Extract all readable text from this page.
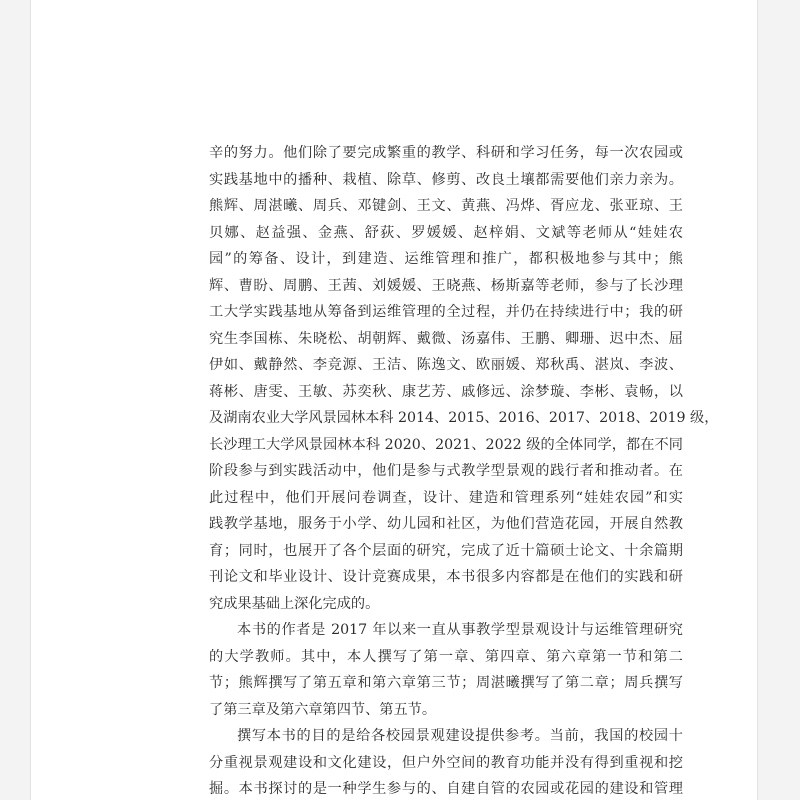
辛的努力。他们除了要完成繁重的教学、科研和学习任务，每一次农园或
实践基地中的播种、栽植、除草、修剪、改良土壤都需要他们亲力亲为。
熊辉、周湛曦、周兵、邓键剑、王文、黄燕、冯烨、胥应龙、张亚琼、王
贝娜、赵益强、金燕、舒荻、罗媛媛、赵梓娟、文斌等老师从“娃娃农
园”的筹备、设计，到建造、运维管理和推广，都积极地参与其中；熊
辉、曹盼、周鹏、王茜、刘媛媛、王晓燕、杨斯嘉等老师，参与了长沙理
工大学实践基地从筹备到运维管理的全过程，并仍在持续进行中；我的研
究生李国栋、朱晓松、胡朝辉、戴微、汤嘉伟、王鹏、卿珊、迟中杰、屈
伊如、戴静然、李竞源、王洁、陈逸文、欧丽媛、郑秋禹、湛岚、李波、
蒋彬、唐雯、王敏、苏奕秋、康艺芳、戚修远、涂梦璇、李彬、袁畅，以
及湖南农业大学风景园林本科 2014、2015、2016、2017、2018、2019 级，
长沙理工大学风景园林本科 2020、2021、2022 级的全体同学，都在不同
阶段参与到实践活动中，他们是参与式教学型景观的践行者和推动者。在
此过程中，他们开展问卷调查，设计、建造和管理系列“娃娃农园”和实
践教学基地，服务于小学、幼儿园和社区，为他们营造花园，开展自然教
育；同时，也展开了各个层面的研究，完成了近十篇硕士论文、十余篇期
刊论文和毕业设计、设计竞赛成果，本书很多内容都是在他们的实践和研
究成果基础上深化完成的。
本书的作者是 2017 年以来一直从事教学型景观设计与运维管理研究
的大学教师。其中，本人撰写了第一章、第四章、第六章第一节和第二
节；熊辉撰写了第五章和第六章第三节；周湛曦撰写了第二章；周兵撰写
了第三章及第六章第四节、第五节。
撰写本书的目的是给各校园景观建设提供参考。当前，我国的校园十
分重视景观建设和文化建设，但户外空间的教育功能并没有得到重视和挖
掘。本书探讨的是一种学生参与的、自建自管的农园或花园的建设和管理
